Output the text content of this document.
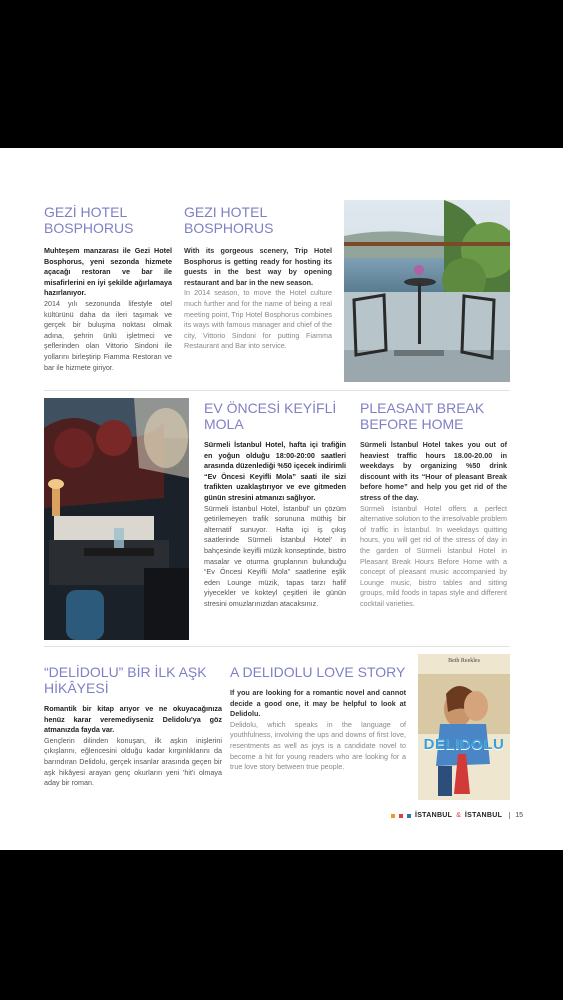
GEZİ HOTEL BOSPHORUS
Muhteşem manzarası ile Gezi Hotel Bosphorus, yeni sezonda hizmete açacağı restoran ve bar ile misafirlerini en iyi şekilde ağırlamaya hazırlanıyor.
2014 yılı sezonunda lifestyle otel kültürünü daha da ileri taşımak ve gerçek bir buluşma noktası olmak adına, şehrin ünlü işletmeci ve şeflerinden olan Vittorio Sindoni ile yollarını birleştirip Fiamma Restoran ve bar ile hizmete giriyor.
GEZI HOTEL BOSPHORUS
With its gorgeous scenery, Trip Hotel Bosphorus is getting ready for hosting its guests in the best way by opening restaurant and bar in the new season.
In 2014 season, to move the Hotel culture much further and for the name of being a real meeting point, Trip Hotel Bosphorus combines its ways with famous manager and chief of the city, Vittorio Sindoni for putting Fiamma Restaurant and Bar into service.
EV ÖNCESİ KEYİFLİ MOLA
Sürmeli İstanbul Hotel, hafta içi trafiğin en yoğun olduğu 18:00-20:00 saatleri arasında düzenlediği %50 içecek indirimli “Ev Öncesi Keyifli Mola” saati ile sizi trafikten uzaklaştırıyor ve eve gitmeden günün stresini atmanızı sağlıyor.
Sürmeli İstanbul Hotel, İstanbul' un çözüm getirilemeyen trafik sorununa müthiş bir alternatif sunuyor. Hafta içi iş çıkış saatlerinde Sürmeli İstanbul Hotel' in bahçesinde keyifli müzik konseptinde, bistro masalar ve oturma gruplarının bulunduğu “Ev Öncesi Keyifli Mola” saatlerine eşlik eden Lounge müzik, tapas tarzı hafif yiyecekler ve kokteyl çeşitleri ile günün stresini omuzlarınızdan atacaksınız.
PLEASANT BREAK BEFORE HOME
Sürmeli İstanbul Hotel takes you out of heaviest traffic hours 18.00-20.00 in weekdays by organizing %50 drink discount with its “Hour of pleasant Break before home” and help you get rid of the stress of the day.
Sürmeli İstanbul Hotel offers a perfect alternative solution to the irresolvable problem of traffic in İstanbul. In weekdays quitting hours, you will get rid of the stress of day in the garden of Sürmeli İstanbul Hotel in Pleasant Break Hours Before Home with a concept of pleasant music accompanied by Lounge music, bistro tables and sitting groups, mild foods in tapas style and different cocktail varieties.
“DELİDOLU” BİR İLK AŞK HİKÂYESİ
Romantik bir kitap arıyor ve ne okuyacağınıza henüz karar veremediyseniz Delidolu'ya göz atmanızda fayda var.
Gençlerin dilinden konuşan, ilk aşkın inişlerini çıkışlarını, eğlencesini olduğu kadar kırgınlıklarını da barındıran Delidolu, gerçek insanlar arasında geçen bir aşk hikâyesi arayan genç okurların yeni 'hit'i olmaya aday bir roman.
A DELIDOLU LOVE STORY
If you are looking for a romantic novel and cannot decide a good one, it may be helpful to look at Delidolu.
Delidolu, which speaks in the language of youthfulness, involving the ups and downs of first love, resentments as well as joys is a candidate novel to become a hit for young readers who are looking for a true love story between true people.
Beth Reekles
DELIDOLU
İSTANBUL & İSTANBUL	15
